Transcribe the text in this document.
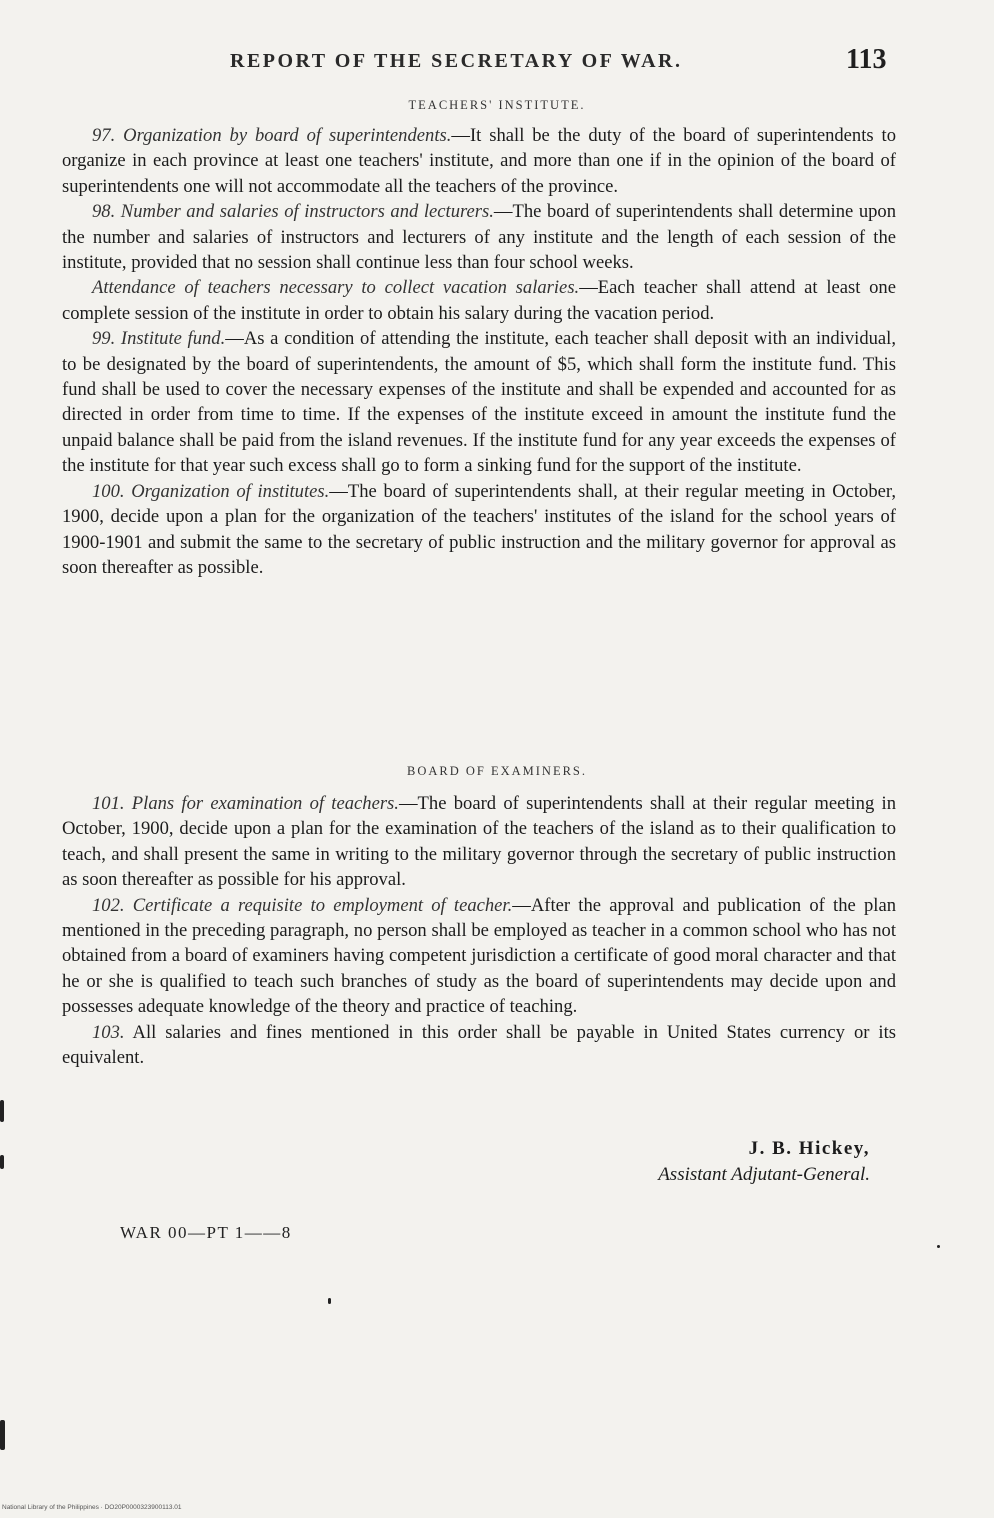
REPORT OF THE SECRETARY OF WAR.	113
TEACHERS' INSTITUTE.

97. Organization by board of superintendents.—It shall be the duty of the board of superintendents to organize in each province at least one teachers' institute, and more than one if in the opinion of the board of superintendents one will not accommodate all the teachers of the province.

98. Number and salaries of instructors and lecturers.—The board of superintendents shall determine upon the number and salaries of instructors and lecturers of any institute and the length of each session of the institute, provided that no session shall continue less than four school weeks.

Attendance of teachers necessary to collect vacation salaries.—Each teacher shall attend at least one complete session of the institute in order to obtain his salary during the vacation period.

99. Institute fund.—As a condition of attending the institute, each teacher shall deposit with an individual, to be designated by the board of superintendents, the amount of $5, which shall form the institute fund. This fund shall be used to cover the necessary expenses of the institute and shall be expended and accounted for as directed in order from time to time. If the expenses of the institute exceed in amount the institute fund the unpaid balance shall be paid from the island revenues. If the institute fund for any year exceeds the expenses of the institute for that year such excess shall go to form a sinking fund for the support of the institute.

100. Organization of institutes.—The board of superintendents shall, at their regular meeting in October, 1900, decide upon a plan for the organization of the teachers' institutes of the island for the school years of 1900-1901 and submit the same to the secretary of public instruction and the military governor for approval as soon thereafter as possible.

BOARD OF EXAMINERS.

101. Plans for examination of teachers.—The board of superintendents shall at their regular meeting in October, 1900, decide upon a plan for the examination of the teachers of the island as to their qualification to teach, and shall present the same in writing to the military governor through the secretary of public instruction as soon thereafter as possible for his approval.

102. Certificate a requisite to employment of teacher.—After the approval and publication of the plan mentioned in the preceding paragraph, no person shall be employed as teacher in a common school who has not obtained from a board of examiners having competent jurisdiction a certificate of good moral character and that he or she is qualified to teach such branches of study as the board of superintendents may decide upon and possesses adequate knowledge of the theory and practice of teaching.

103. All salaries and fines mentioned in this order shall be payable in United States currency or its equivalent.

J. B. Hickey,
Assistant Adjutant-General.
WAR 00—PT 1——8
National Library of the Philippines · DO20P0000323900113.01
